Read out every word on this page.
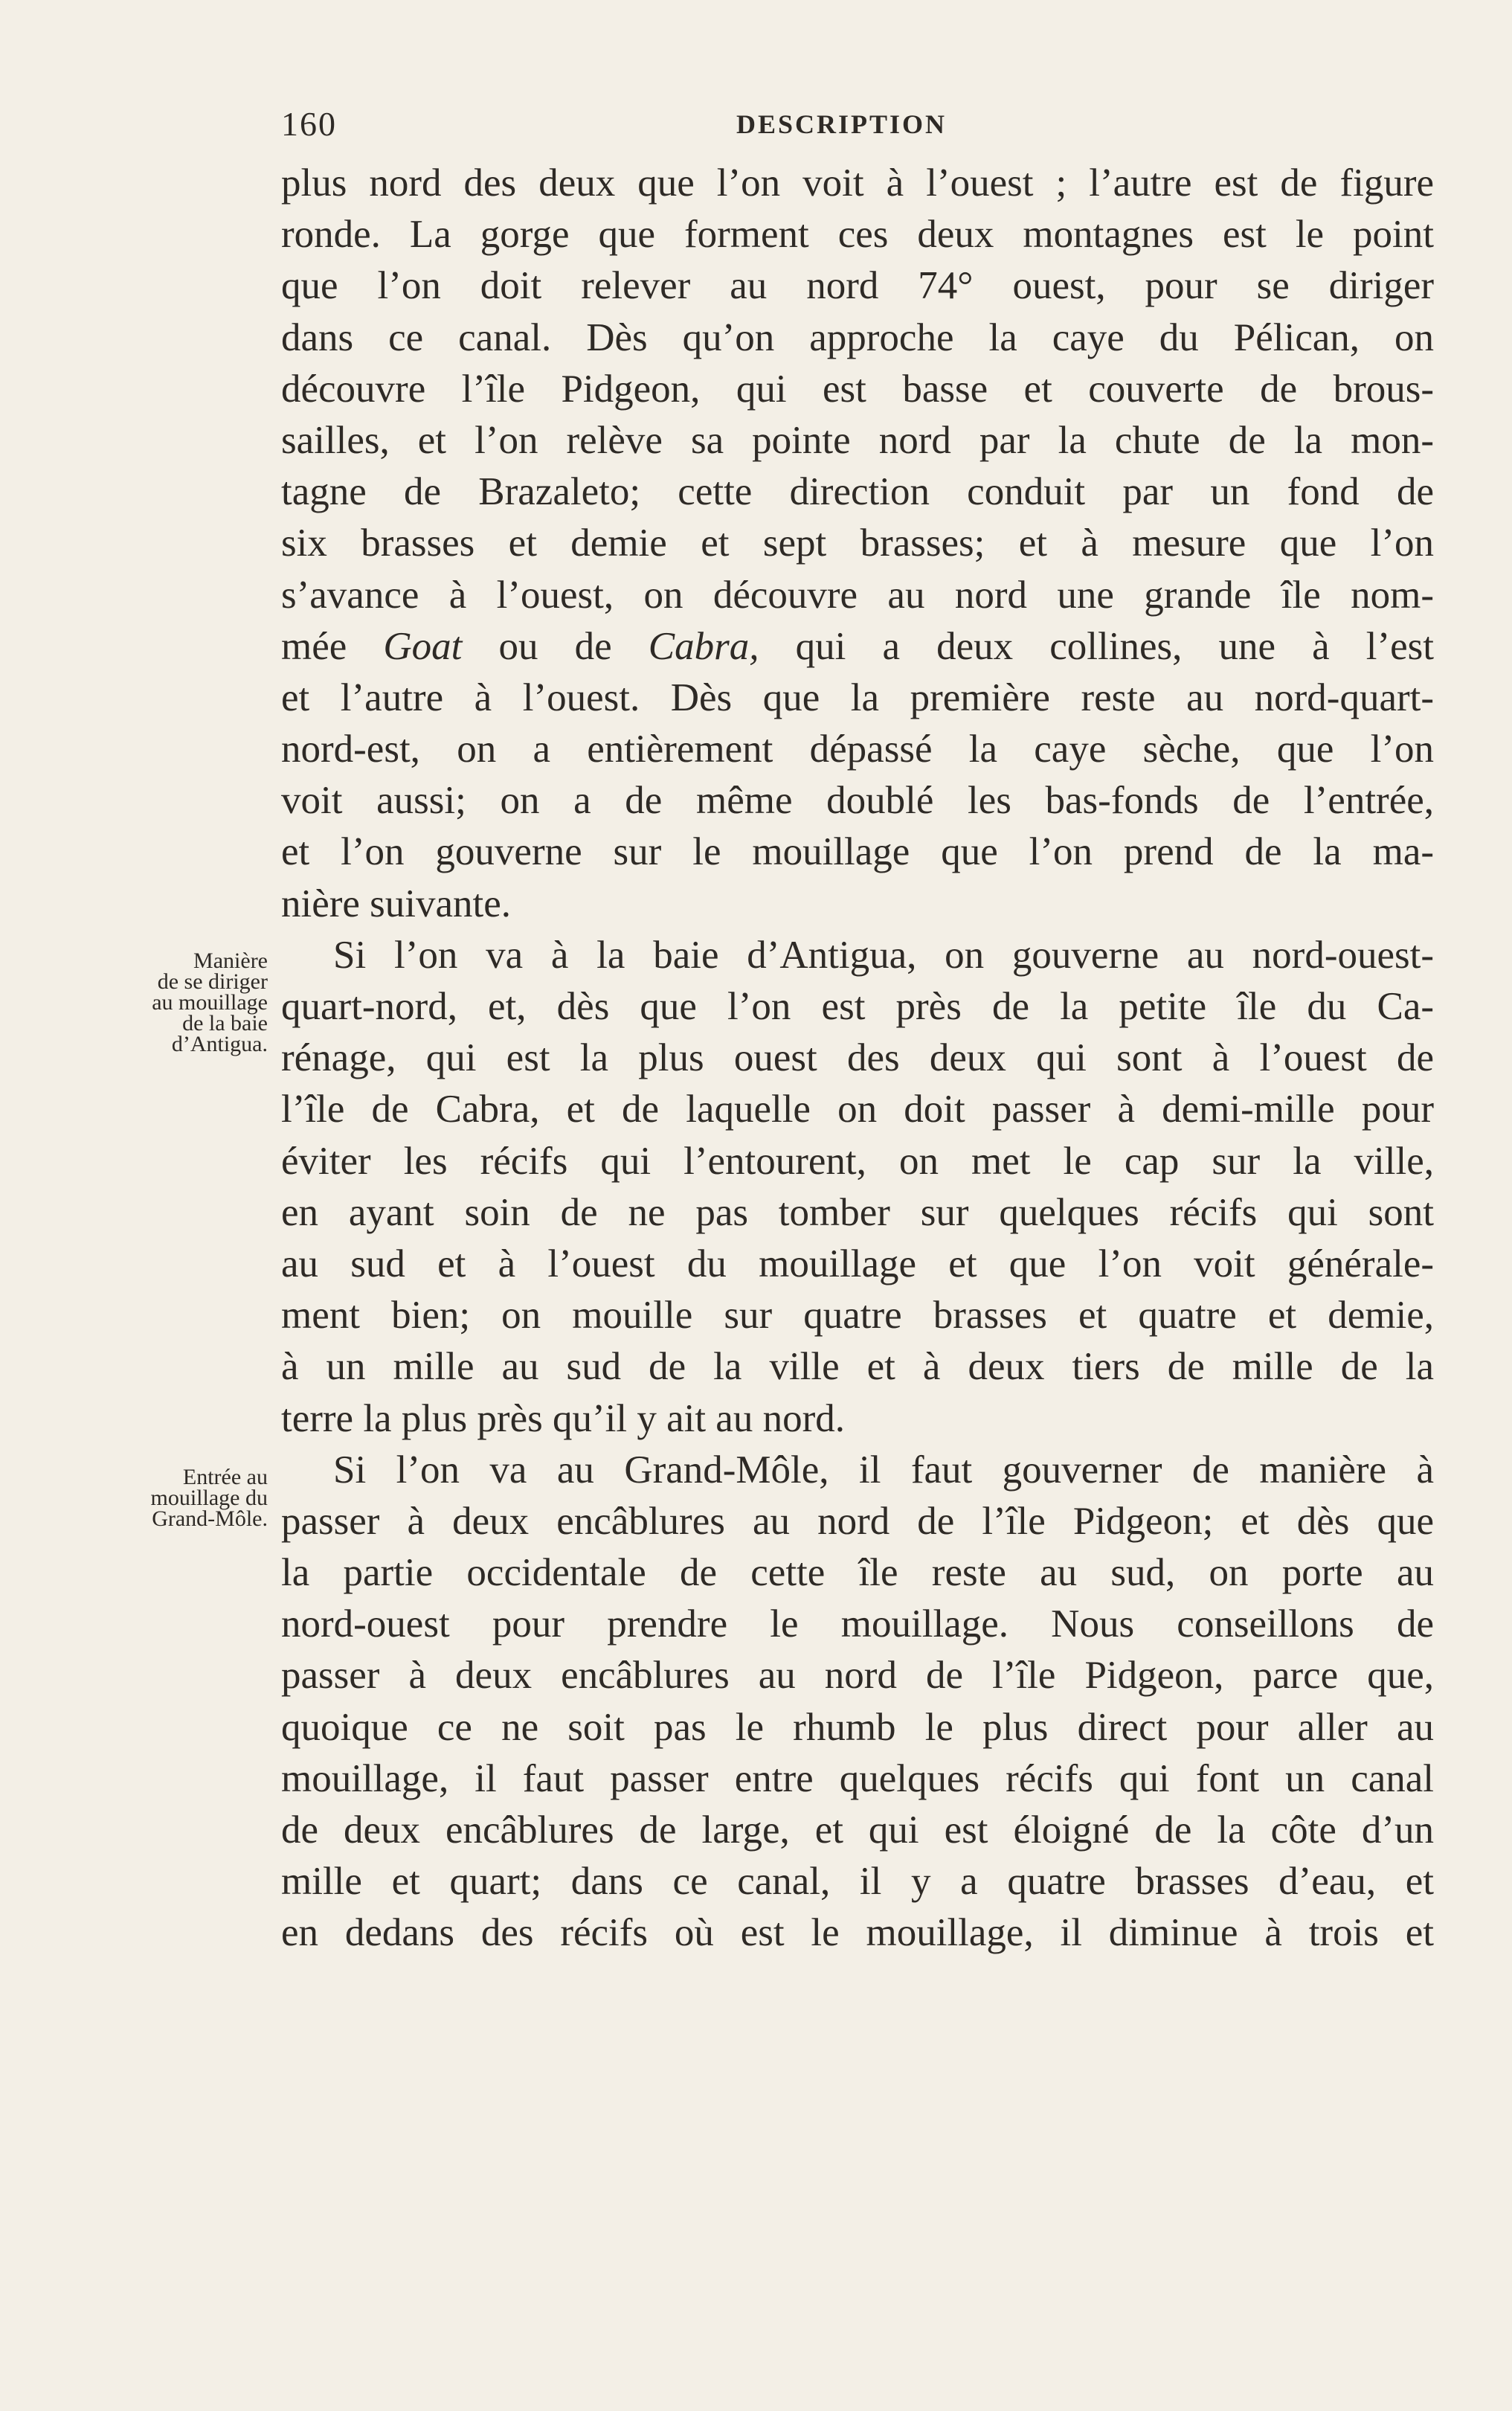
160	DESCRIPTION
Manière
de se diriger
au mouillage
de la baie
d’Antigua.
Entrée au
mouillage du
Grand-Môle.
plus nord des deux que l’on voit à l’ouest ; l’autre est de figure
ronde. La gorge que forment ces deux montagnes est le point
que l’on doit relever au nord 74° ouest, pour se diriger
dans ce canal. Dès qu’on approche la caye du Pélican, on
découvre l’île Pidgeon, qui est basse et couverte de brous-
sailles, et l’on relève sa pointe nord par la chute de la mon-
tagne de Brazaleto; cette direction conduit par un fond de
six brasses et demie et sept brasses; et à mesure que l’on
s’avance à l’ouest, on découvre au nord une grande île nom-
mée Goat ou de Cabra, qui a deux collines, une à l’est
et l’autre à l’ouest. Dès que la première reste au nord-quart-
nord-est, on a entièrement dépassé la caye sèche, que l’on
voit aussi; on a de même doublé les bas-fonds de l’entrée,
et l’on gouverne sur le mouillage que l’on prend de la ma-
nière suivante.
Si l’on va à la baie d’Antigua, on gouverne au nord-ouest-
quart-nord, et, dès que l’on est près de la petite île du Ca-
rénage, qui est la plus ouest des deux qui sont à l’ouest de
l’île de Cabra, et de laquelle on doit passer à demi-mille pour
éviter les récifs qui l’entourent, on met le cap sur la ville,
en ayant soin de ne pas tomber sur quelques récifs qui sont
au sud et à l’ouest du mouillage et que l’on voit générale-
ment bien; on mouille sur quatre brasses et quatre et demie,
à un mille au sud de la ville et à deux tiers de mille de la
terre la plus près qu’il y ait au nord.
Si l’on va au Grand-Môle, il faut gouverner de manière à
passer à deux encâblures au nord de l’île Pidgeon; et dès que
la partie occidentale de cette île reste au sud, on porte au
nord-ouest pour prendre le mouillage. Nous conseillons de
passer à deux encâblures au nord de l’île Pidgeon, parce que,
quoique ce ne soit pas le rhumb le plus direct pour aller au
mouillage, il faut passer entre quelques récifs qui font un canal
de deux encâblures de large, et qui est éloigné de la côte d’un
mille et quart; dans ce canal, il y a quatre brasses d’eau, et
en dedans des récifs où est le mouillage, il diminue à trois et
